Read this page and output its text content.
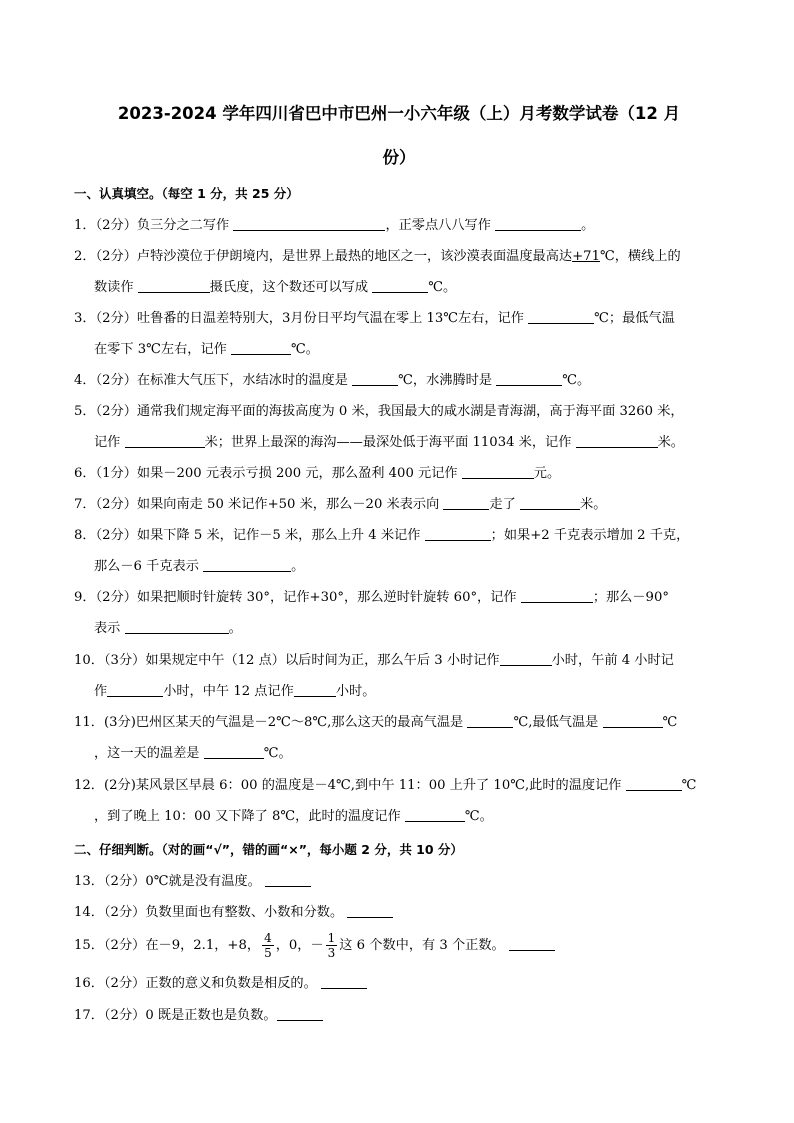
2023-2024 学年四川省巴中市巴州一小六年级（上）月考数学试卷（12 月
份）
一、认真填空。（每空 1 分，共 25 分）
1．（2分）负三分之二写作	，正零点八八写作	。
2．（2分）卢特沙漠位于伊朗境内，是世界上最热的地区之一，该沙漠表面温度最高达+71℃，横线上的
数读作	摄氏度，这个数还可以写成	℃。
3．（2分）吐鲁番的日温差特别大，3月份日平均气温在零上 13℃左右，记作	℃；最低气温
在零下 3℃左右，记作	℃。
4．（2分）在标准大气压下，水结冰时的温度是	℃，水沸腾时是	℃。
5．（2分）通常我们规定海平面的海拔高度为 0 米，我国最大的咸水湖是青海湖，高于海平面 3260 米，
记作	米；世界上最深的海沟——最深处低于海平面 11034 米，记作	米。
6．（1分）如果－200 元表示亏损 200 元，那么盈利 400 元记作	元。
7．（2分）如果向南走 50 米记作+50 米，那么－20 米表示向	走了	米。
8．（2分）如果下降 5 米，记作－5 米，那么上升 4 米记作	；如果+2 千克表示增加 2 千克，
那么－6 千克表示	。
9．（2分）如果把顺时针旋转 30°，记作+30°，那么逆时针旋转 60°，记作	；那么－90°
表示	。
10．（3分）如果规定中午（12 点）以后时间为正，那么午后 3 小时记作	小时，午前 4 小时记
作	小时，中午 12 点记作	小时。
11．(3分)巴州区某天的气温是－2℃～8℃,那么这天的最高气温是	℃,最低气温是	℃
，这一天的温差是	℃。
12．(2分)某风景区早晨 6：00 的温度是－4℃,到中午 11：00 上升了 10℃,此时的温度记作	℃
，到了晚上 10：00 又下降了 8℃，此时的温度记作	℃。
二、仔细判断。（对的画“√”，错的画“×”，每小题 2 分，共 10 分）
13．（2分）0℃就是没有温度。
14．（2分）负数里面也有整数、小数和分数。
15．（2分）在－9，2.1，+8， $\frac{4}{5}$ ，0，－ $\frac{1}{3}$ 这 6 个数中，有 3 个正数。
16．（2分）正数的意义和负数是相反的。
17．（2分）0 既是正数也是负数。
